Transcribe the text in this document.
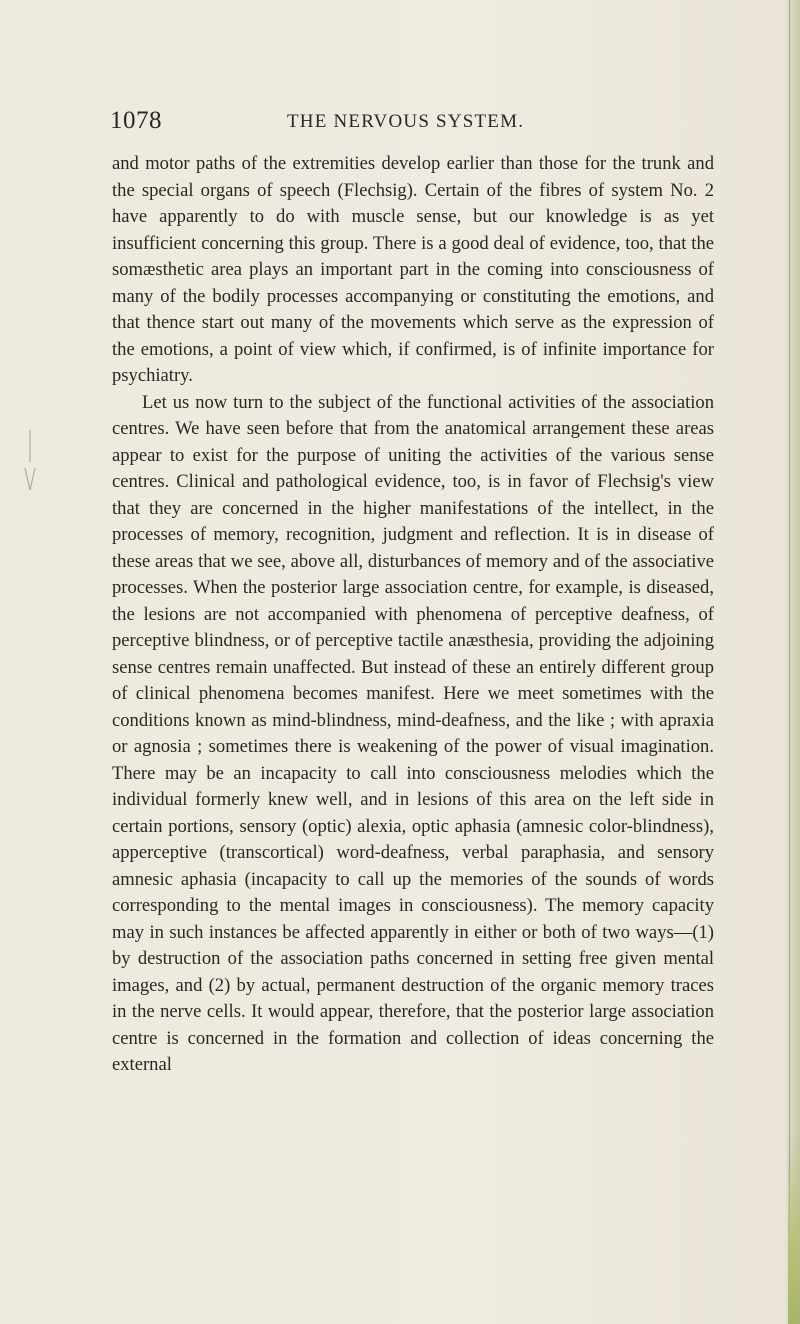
1078	THE NERVOUS SYSTEM.

and motor paths of the extremities develop earlier than those for the trunk and the special organs of speech (Flechsig). Certain of the fibres of system No. 2 have apparently to do with muscle sense, but our knowledge is as yet insufficient concerning this group. There is a good deal of evidence, too, that the somæsthetic area plays an important part in the coming into consciousness of many of the bodily processes accompanying or constituting the emotions, and that thence start out many of the movements which serve as the expression of the emotions, a point of view which, if confirmed, is of infinite importance for psychiatry.

Let us now turn to the subject of the functional activities of the association centres. We have seen before that from the anatomical arrangement these areas appear to exist for the purpose of uniting the activities of the various sense centres. Clinical and pathological evidence, too, is in favor of Flechsig's view that they are concerned in the higher manifestations of the intellect, in the processes of memory, recognition, judgment and reflection. It is in disease of these areas that we see, above all, disturbances of memory and of the associative processes. When the posterior large association centre, for example, is diseased, the lesions are not accompanied with phenomena of perceptive deafness, of perceptive blindness, or of perceptive tactile anæsthesia, providing the adjoining sense centres remain unaffected. But instead of these an entirely different group of clinical phenomena becomes manifest. Here we meet sometimes with the conditions known as mind-blindness, mind-deafness, and the like ; with apraxia or agnosia ; sometimes there is weakening of the power of visual imagination. There may be an incapacity to call into consciousness melodies which the individual formerly knew well, and in lesions of this area on the left side in certain portions, sensory (optic) alexia, optic aphasia (amnesic color-blindness), apperceptive (transcortical) word-deafness, verbal paraphasia, and sensory amnesic aphasia (incapacity to call up the memories of the sounds of words corresponding to the mental images in consciousness). The memory capacity may in such instances be affected apparently in either or both of two ways—(1) by destruction of the association paths concerned in setting free given mental images, and (2) by actual, permanent destruction of the organic memory traces in the nerve cells. It would appear, therefore, that the posterior large association centre is concerned in the formation and collection of ideas concerning the external
